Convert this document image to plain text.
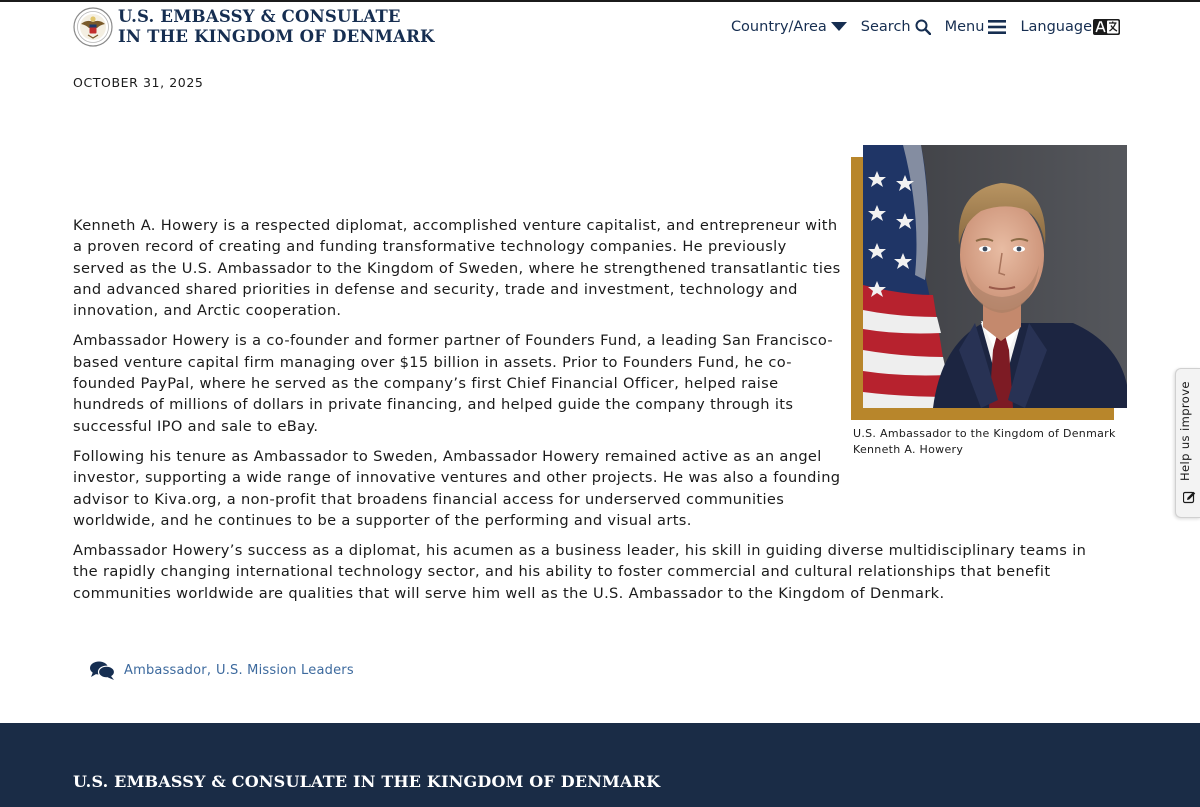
U.S. EMBASSY & CONSULATE
IN THE KINGDOM OF DENMARK	Country/Area Search Menu Language
OCTOBER 31, 2025

Kenneth A. Howery is a respected diplomat, accomplished venture capitalist, and entrepreneur with a proven record of creating and funding transformative technology companies. He previously served as the U.S. Ambassador to the Kingdom of Sweden, where he strengthened transatlantic ties and advanced shared priorities in defense and security, trade and investment, technology and innovation, and Arctic cooperation.

Ambassador Howery is a co-founder and former partner of Founders Fund, a leading San Francisco-based venture capital firm managing over $15 billion in assets. Prior to Founders Fund, he co-founded PayPal, where he served as the company’s first Chief Financial Officer, helped raise hundreds of millions of dollars in private financing, and helped guide the company through its successful IPO and sale to eBay.

Following his tenure as Ambassador to Sweden, Ambassador Howery remained active as an angel investor, supporting a wide range of innovative ventures and other projects. He was also a founding advisor to Kiva.org, a non-profit that broadens financial access for underserved communities worldwide, and he continues to be a supporter of the performing and visual arts.

Ambassador Howery’s success as a diplomat, his acumen as a business leader, his skill in guiding diverse multidisciplinary teams in the rapidly changing international technology sector, and his ability to foster commercial and cultural relationships that benefit communities worldwide are qualities that will serve him well as the U.S. Ambassador to the Kingdom of Denmark.

U.S. Ambassador to the Kingdom of Denmark
Kenneth A. Howery
Ambassador , U.S. Mission Leaders
Help us improve
U.S. EMBASSY & CONSULATE IN THE KINGDOM OF DENMARK
